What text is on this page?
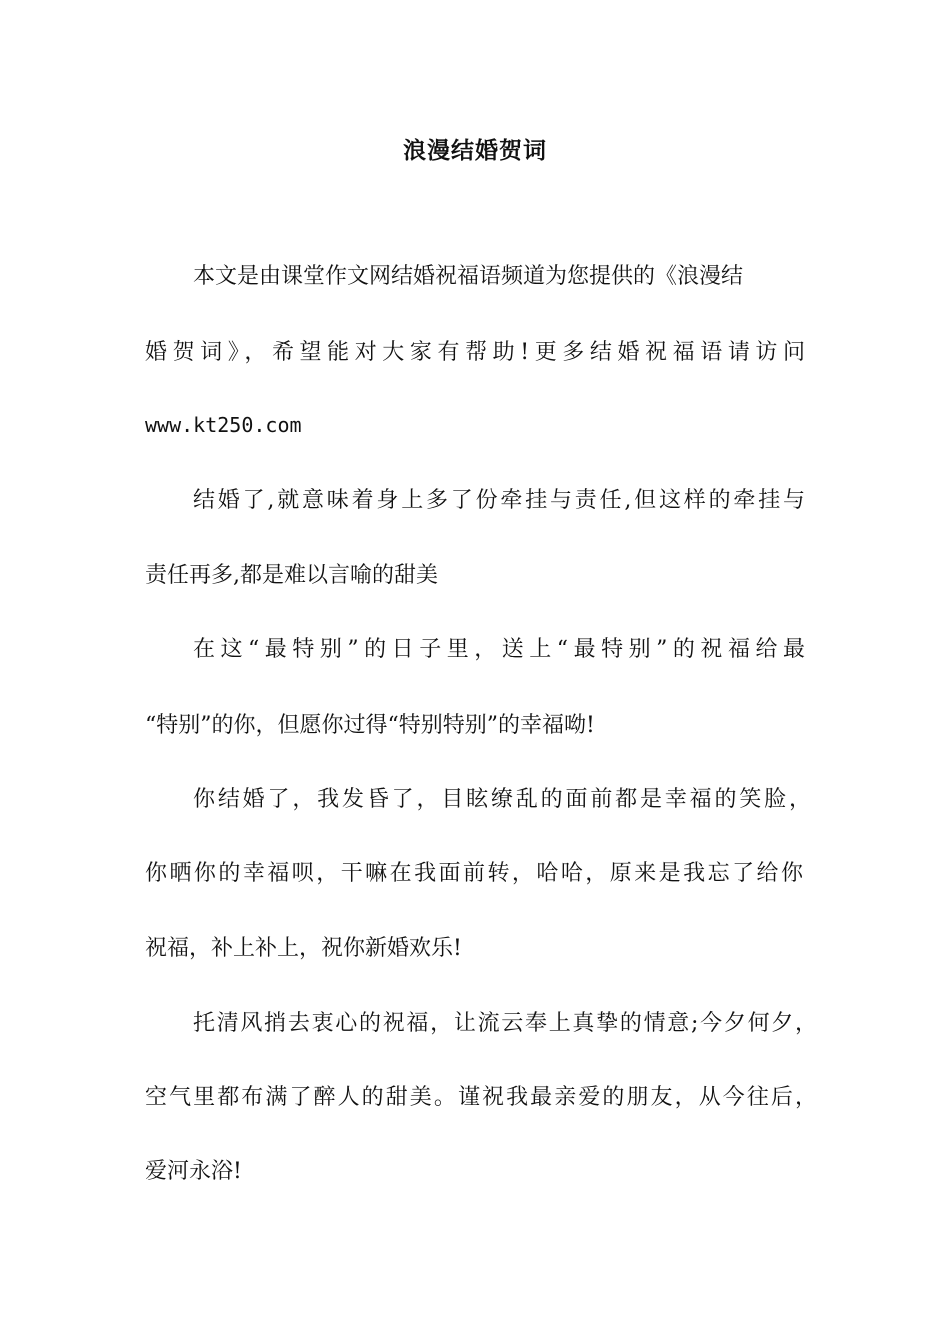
浪漫结婚贺词

本文是由课堂作文网结婚祝福语频道为您提供的《浪漫结

婚贺词》，希望能对大家有帮助!更多结婚祝福语请访问

www.kt250.com

结婚了,就意味着身上多了份牵挂与责任,但这样的牵挂与

责任再多,都是难以言喻的甜美

在这“最特别”的日子里，送上“最特别”的祝福给最

“特别”的你，但愿你过得“特别特别”的幸福呦!

你结婚了，我发昏了，目眩缭乱的面前都是幸福的笑脸，

你晒你的幸福呗，干嘛在我面前转，哈哈，原来是我忘了给你

祝福，补上补上，祝你新婚欢乐!

托清风捎去衷心的祝福，让流云奉上真挚的情意;今夕何夕，

空气里都布满了醉人的甜美。谨祝我最亲爱的朋友，从今往后，

爱河永浴!
